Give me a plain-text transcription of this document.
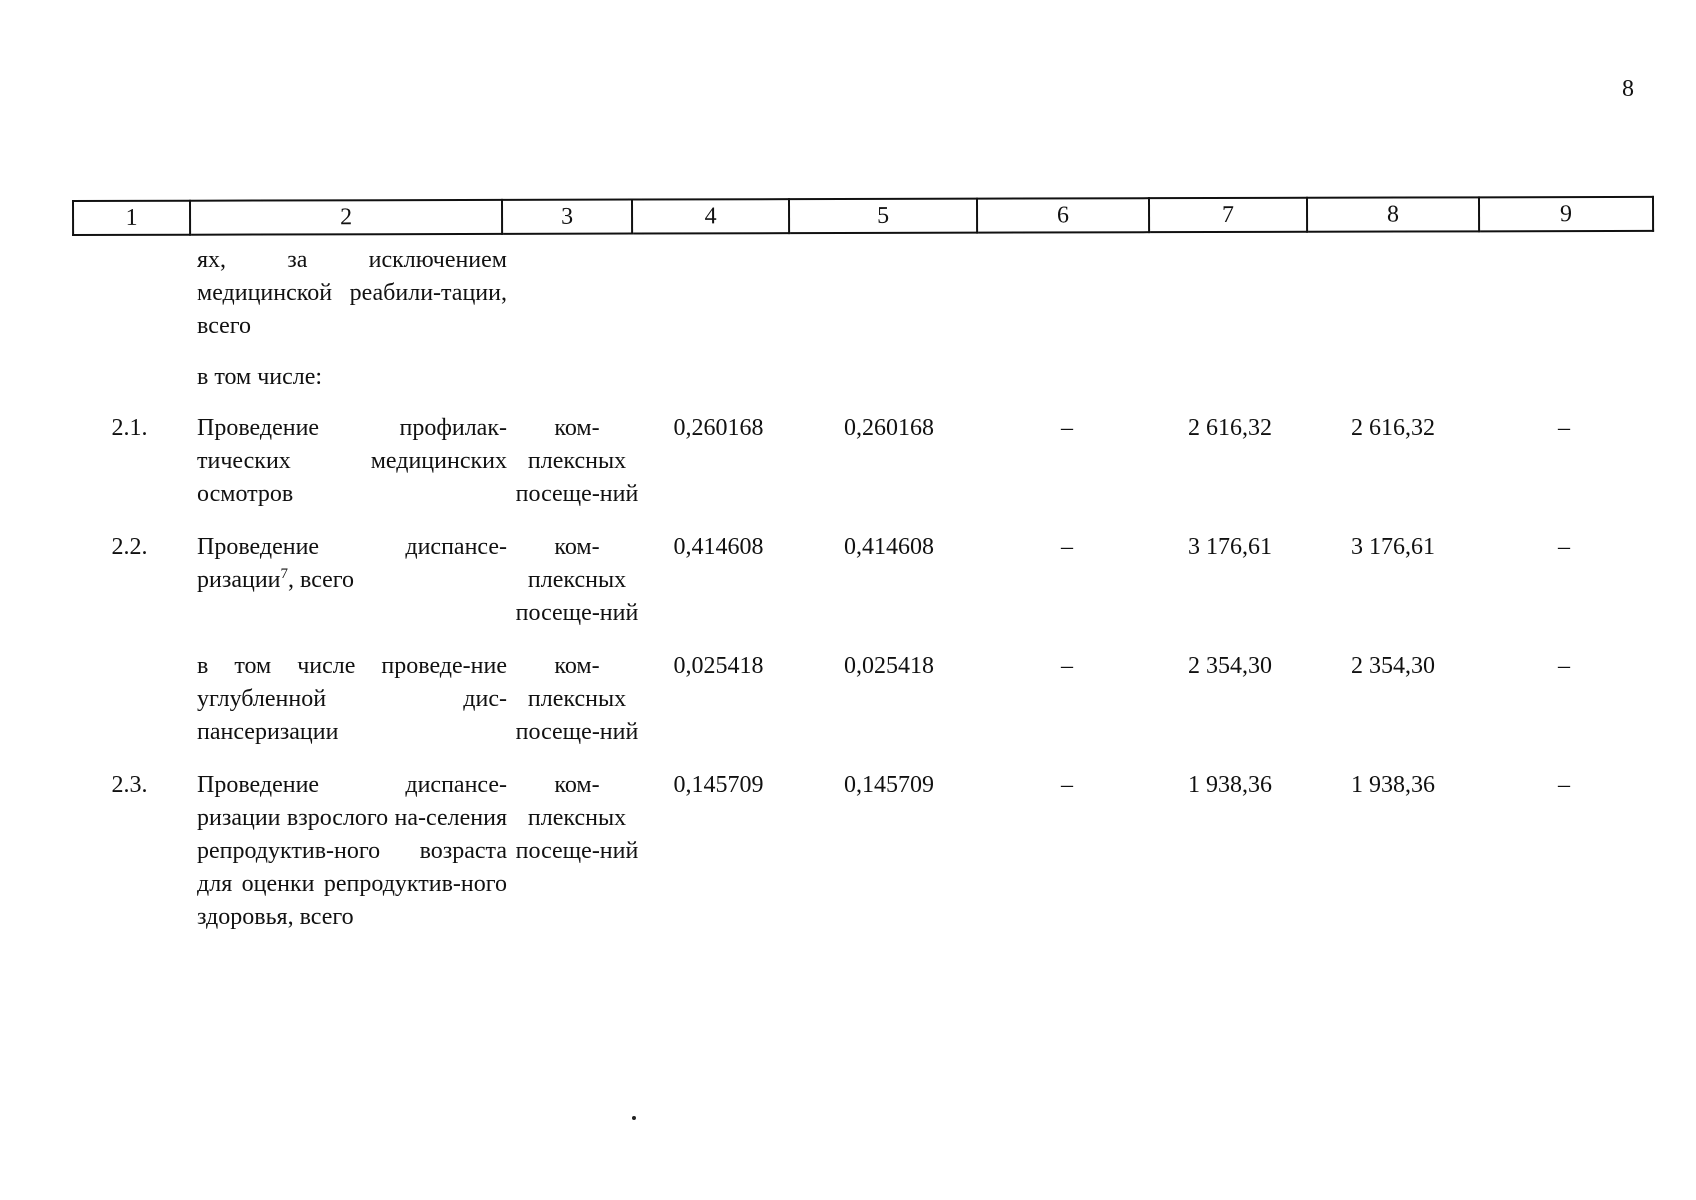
8
1	2	3	4	5	6	7	8	9
	ях, за исключением медицинской реабили-тации, всего							
	в том числе:							
2.1.	Проведение профилак-тических медицинских осмотров	ком-плексных посеще-ний	0,260168	0,260168	–	2 616,32	2 616,32	–
2.2.	Проведение диспансе-ризации$^7$, всего	ком-плексных посеще-ний	0,414608	0,414608	–	3 176,61	3 176,61	–
	в том числе проведе-ние углубленной дис-пансеризации	ком-плексных посеще-ний	0,025418	0,025418	–	2 354,30	2 354,30	–
2.3.	Проведение диспансе-ризации взрослого на-селения репродуктив-ного возраста для оценки репродуктив-ного здоровья, всего	ком-плексных посеще-ний	0,145709	0,145709	–	1 938,36	1 938,36	–
